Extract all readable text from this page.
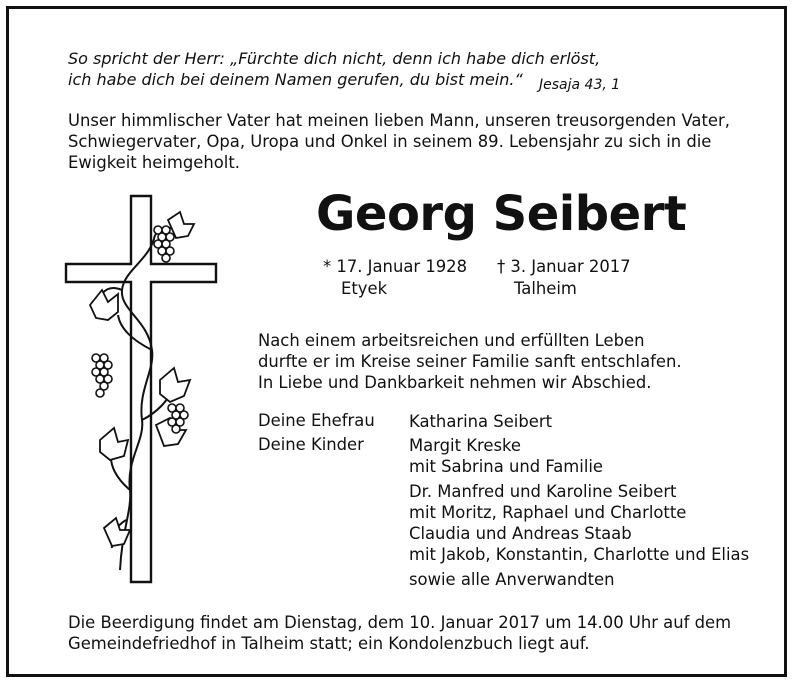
So spricht der Herr: „Fürchte dich nicht, denn ich habe dich erlöst,
ich habe dich bei deinem Namen gerufen, du bist mein.“	Jesaja 43, 1
Unser himmlischer Vater hat meinen lieben Mann, unseren treusorgenden Vater,
Schwiegervater, Opa, Uropa und Onkel in seinem 89. Lebensjahr zu sich in die
Ewigkeit heimgeholt.
Georg Seibert
* 17. Januar 1928
Etyek
† 3. Januar 2017
Talheim
Nach einem arbeitsreichen und erfüllten Leben
durfte er im Kreise seiner Familie sanft entschlafen.
In Liebe und Dankbarkeit nehmen wir Abschied.
Deine Ehefrau Katharina Seibert
Deine Kinder	Margit Kreske
mit Sabrina und Familie
Dr. Manfred und Karoline Seibert
mit Moritz, Raphael und Charlotte
Claudia und Andreas Staab
mit Jakob, Konstantin, Charlotte und Elias
sowie alle Anverwandten
Die Beerdigung findet am Dienstag, dem 10. Januar 2017 um 14.00 Uhr auf dem
Gemeindefriedhof in Talheim statt; ein Kondolenzbuch liegt auf.
